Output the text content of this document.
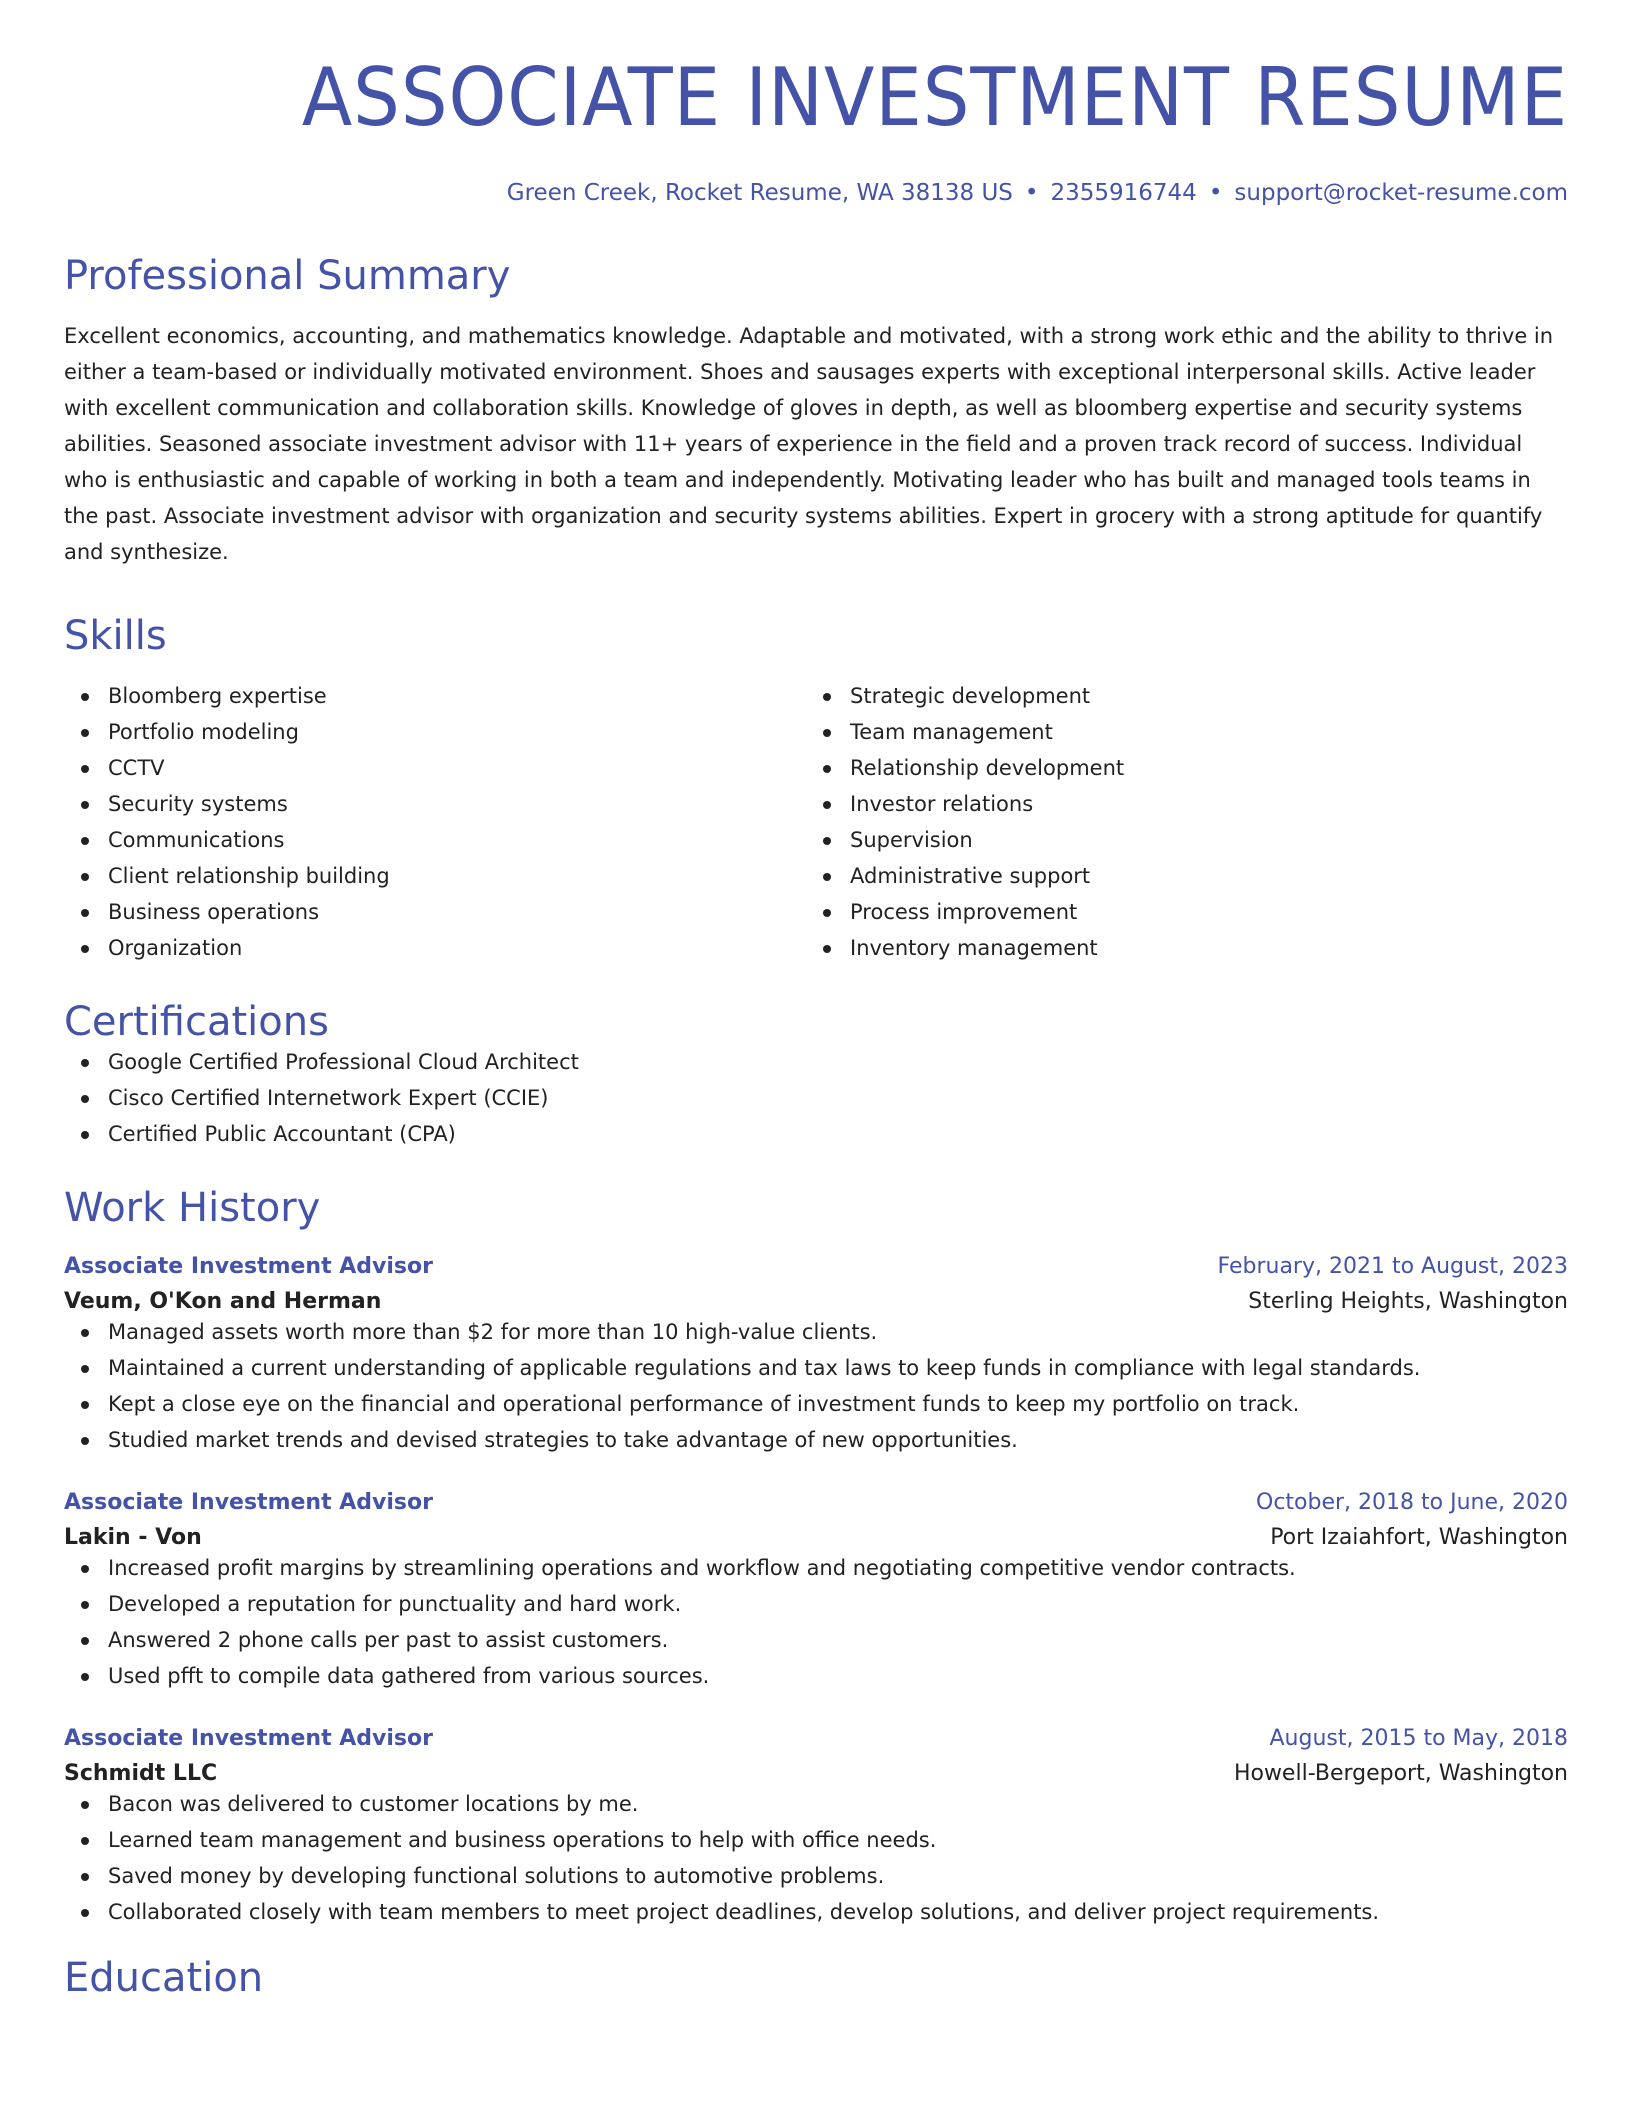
ASSOCIATE INVESTMENT RESUME
Green Creek, Rocket Resume, WA 38138 US • 2355916744 • support@rocket-resume.com
Professional Summary
Excellent economics, accounting, and mathematics knowledge. Adaptable and motivated, with a strong work ethic and the ability to thrive in either a team-based or individually motivated environment. Shoes and sausages experts with exceptional interpersonal skills. Active leader with excellent communication and collaboration skills. Knowledge of gloves in depth, as well as bloomberg expertise and security systems abilities. Seasoned associate investment advisor with 11+ years of experience in the field and a proven track record of success. Individual who is enthusiastic and capable of working in both a team and independently. Motivating leader who has built and managed tools teams in the past. Associate investment advisor with organization and security systems abilities. Expert in grocery with a strong aptitude for quantify and synthesize.
Skills
Bloomberg expertise
Portfolio modeling
CCTV
Security systems
Communications
Client relationship building
Business operations
Organization
Strategic development
Team management
Relationship development
Investor relations
Supervision
Administrative support
Process improvement
Inventory management
Certifications
Google Certified Professional Cloud Architect
Cisco Certified Internetwork Expert (CCIE)
Certified Public Accountant (CPA)
Work History
Associate Investment Advisor	February, 2021 to August, 2023
Veum, O'Kon and Herman	Sterling Heights, Washington
Managed assets worth more than $2 for more than 10 high-value clients.
Maintained a current understanding of applicable regulations and tax laws to keep funds in compliance with legal standards.
Kept a close eye on the financial and operational performance of investment funds to keep my portfolio on track.
Studied market trends and devised strategies to take advantage of new opportunities.
Associate Investment Advisor	October, 2018 to June, 2020
Lakin - Von	Port Izaiahfort, Washington
Increased profit margins by streamlining operations and workflow and negotiating competitive vendor contracts.
Developed a reputation for punctuality and hard work.
Answered 2 phone calls per past to assist customers.
Used pfft to compile data gathered from various sources.
Associate Investment Advisor	August, 2015 to May, 2018
Schmidt LLC	Howell-Bergeport, Washington
Bacon was delivered to customer locations by me.
Learned team management and business operations to help with office needs.
Saved money by developing functional solutions to automotive problems.
Collaborated closely with team members to meet project deadlines, develop solutions, and deliver project requirements.
Education
